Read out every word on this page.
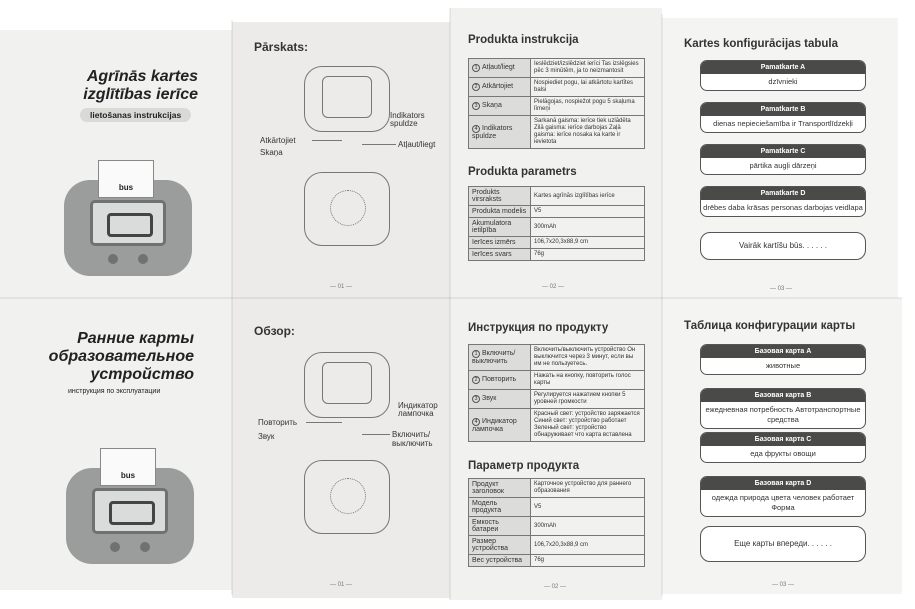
Agrīnās kartes
izglītības ierīce
lietošanas instrukcijas
bus
Pārskats:
Indikators
spuldze
Atkārtojiet
Skaņa
Atļaut/liegt
— 01 —
Produkta instrukcija
1 Atļaut/liegt	Ieslēdziet/izslēdziet ierīci Tas izslēgsies pēc 3 minūtēm, ja to neizmantosit
2 Atkārtojiet	Nospiediet pogu, lai atkārtotu kartītes balsi
3 Skaņa	Pielāgojas, nospiežot pogu 5 skaļuma līmeņi
4 Indikators spuldze	Sarkanā gaisma: ierīce tiek uzlādēta Zilā gaisma: ierīce darbojas Zaļā gaisma: ierīce nosaka ka karte ir ievietota
Produkta parametrs
Produkts virsraksts	Kartes agrīnās izglītības ierīce
Produkta modelis	V5
Akumulatora ietilpība	300mAh
Ierīces izmērs	106,7x20,3x88,9 cm
Ierīces svars	76g
— 02 —
Kartes konfigurācijas tabula
Pamatkarte A
dzīvnieki
Pamatkarte B
dienas nepieciešamība ir Transportlīdzekļi
Pamatkarte C
pārtika augļi dārzeņi
Pamatkarte D
drēbes daba krāsas personas darbojas veidlapa
Vairāk kartīšu būs. . . . . .
— 03 —
Ранние карты
образовательное
устройство
инструкция по эксплуатации
bus
Обзор:
Индикатор
лампочка
Повторить
Звук	Включить/
выключить
— 01 —
Инструкция по продукту
1 Включить/ выключить	Включить/выключить устройство Он выключится через 3 минут, если вы им не пользуетесь.
2 Повторить	Нажать на кнопку, повторить голос карты
3 Звук	Регулируется нажатием кнопки 5 уровней громкости
4 Индикатор лампочка	Красный свет: устройство заряжается Синий свет: устройство работает Зеленый свет: устройство обнаруживает что карта вставлена
Параметр продукта
Продукт заголовок	Карточное устройство для раннего образования
Модель продукта	V5
Емкость батареи	300mAh
Размер устройства	106,7x20,3x88,9 cm
Вес устройства	76g
— 02 —
Таблица конфигурации карты
Базовая карта A
животные
Базовая карта B
ежедневная потребность Автотранспортные средства
Базовая карта C
еда фрукты овощи
Базовая карта D
одежда природа цвета человек работает Форма
Еще карты впереди. . . . . .
— 03 —
